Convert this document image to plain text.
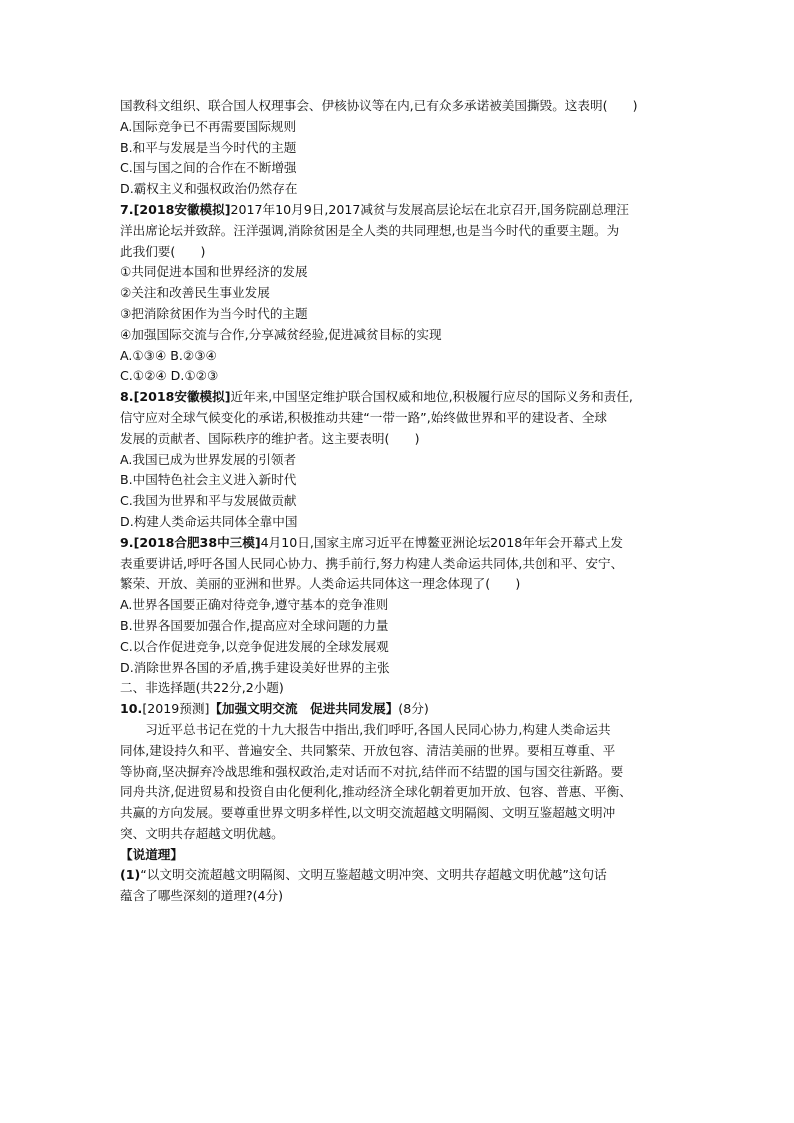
国教科文组织、联合国人权理事会、伊核协议等在内,已有众多承诺被美国撕毁。这表明(　　)
A.国际竞争已不再需要国际规则
B.和平与发展是当今时代的主题
C.国与国之间的合作在不断增强
D.霸权主义和强权政治仍然存在
7.[2018安徽模拟]2017年10月9日,2017减贫与发展高层论坛在北京召开,国务院副总理汪
洋出席论坛并致辞。汪洋强调,消除贫困是全人类的共同理想,也是当今时代的重要主题。为
此我们要(　　)
①共同促进本国和世界经济的发展
②关注和改善民生事业发展
③把消除贫困作为当今时代的主题
④加强国际交流与合作,分享减贫经验,促进减贫目标的实现
A.①③④ B.②③④
C.①②④ D.①②③
8.[2018安徽模拟]近年来,中国坚定维护联合国权威和地位,积极履行应尽的国际义务和责任,
信守应对全球气候变化的承诺,积极推动共建“一带一路”,始终做世界和平的建设者、全球
发展的贡献者、国际秩序的维护者。这主要表明(　　)
A.我国已成为世界发展的引领者
B.中国特色社会主义进入新时代
C.我国为世界和平与发展做贡献
D.构建人类命运共同体全靠中国
9.[2018合肥38中三模]4月10日,国家主席习近平在博鳌亚洲论坛2018年年会开幕式上发
表重要讲话,呼吁各国人民同心协力、携手前行,努力构建人类命运共同体,共创和平、安宁、
繁荣、开放、美丽的亚洲和世界。人类命运共同体这一理念体现了(　　)
A.世界各国要正确对待竞争,遵守基本的竞争准则
B.世界各国要加强合作,提高应对全球问题的力量
C.以合作促进竞争,以竞争促进发展的全球发展观
D.消除世界各国的矛盾,携手建设美好世界的主张
二、非选择题(共22分,2小题)
10.[2019预测]【加强文明交流　促进共同发展】(8分)
习近平总书记在党的十九大报告中指出,我们呼吁,各国人民同心协力,构建人类命运共
同体,建设持久和平、普遍安全、共同繁荣、开放包容、清洁美丽的世界。要相互尊重、平
等协商,坚决摒弃冷战思维和强权政治,走对话而不对抗,结伴而不结盟的国与国交往新路。要
同舟共济,促进贸易和投资自由化便利化,推动经济全球化朝着更加开放、包容、普惠、平衡、
共赢的方向发展。要尊重世界文明多样性,以文明交流超越文明隔阂、文明互鉴超越文明冲
突、文明共存超越文明优越。
【说道理】
(1)“以文明交流超越文明隔阂、文明互鉴超越文明冲突、文明共存超越文明优越”这句话
蕴含了哪些深刻的道理?(4分)
